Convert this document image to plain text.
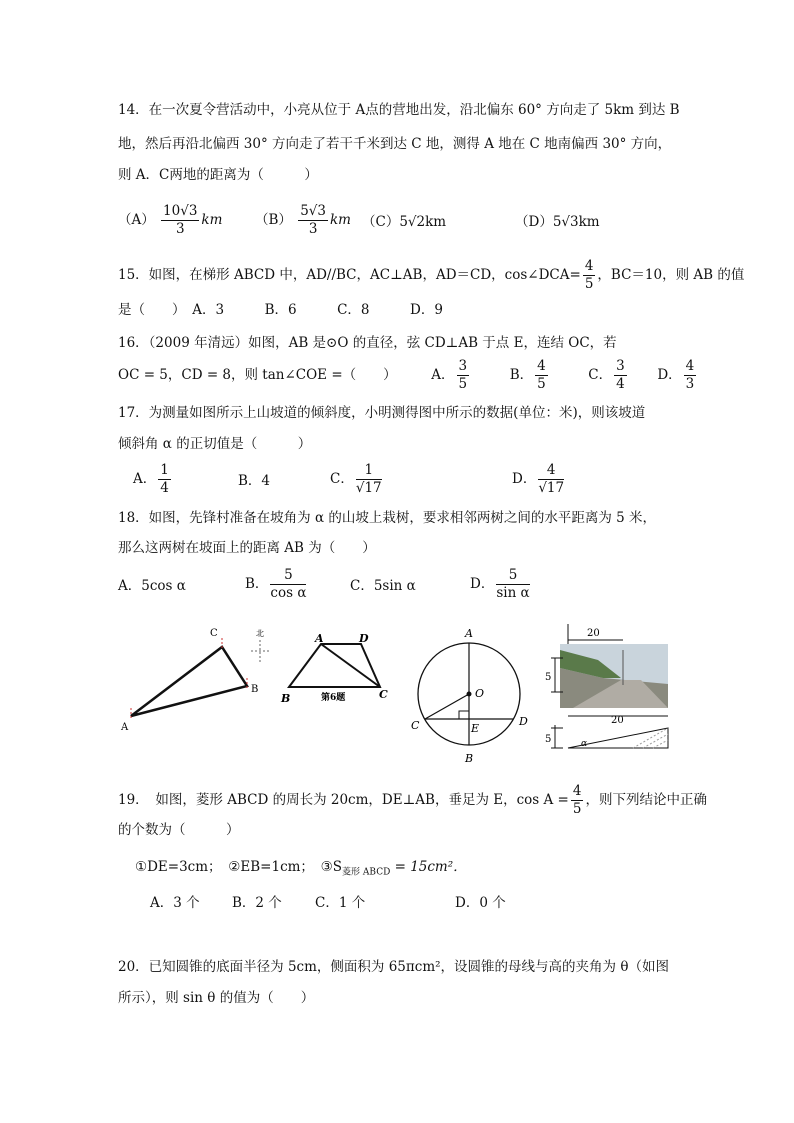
14．在一次夏令营活动中，小亮从位于 A点的营地出发，沿北偏东 60° 方向走了 5km 到达 B
地，然后再沿北偏西 30° 方向走了若干千米到达 C 地，测得 A 地在 C 地南偏西 30° 方向，
则 A．C两地的距离为（　　　）
$(A) \frac{10√3}{3}$ km $(B) \frac{5√3}{3}$ km （C）5√2km	（D）5√3km
15．如图，在梯形 ABCD 中，AD//BC，AC⊥AB，AD＝CD，cos∠DCA= $\frac{4}{5}$ ，BC＝10，则 AB 的值
是（　　）　A．3　　　B．6　　　C．8　　　D．9
16．（2009 年清远）如图，AB 是⊙O 的直径，弦 CD⊥AB 于点 E，连结 OC，若
OC = 5，CD = 8，则 tan∠COE =（　　）	A． $\frac{3}{5}$	B． $\frac{4}{5}$	C． $\frac{3}{4}$ D． $\frac{4}{3}$
17．为测量如图所示上山坡道的倾斜度，小明测得图中所示的数据(单位：米)，则该坡道
倾斜角 α 的正切值是（　　　）
A． $\frac{1}{4}$	B．4	C． $\frac{1}{√17}$	D． $\frac{4}{√17}$
18．如图，先锋村准备在坡角为 α 的山坡上栽树，要求相邻两树之间的水平距离为 5 米，
那么这两树在坡面上的距离 AB 为（　　）
A．5cos α	B． $\frac{5}{\text{cos α}}$	C．5sin α	D． $\frac{5}{\text{sin α}}$
A
C
B
北	A	D
B	C
第6题
A
O
C	D
E
B
20
5
20
5	α
19．　如图，菱形 ABCD 的周长为 20cm，DE⊥AB，垂足为 E，$\cos A = \frac{4}{5}$ ，则下列结论中正确
的个数为（　　　）
①DE=3cm；　②EB=1cm；　$③S_{菱形 ABCD} = 15cm^2$．
A．3 个 B．2 个 C．1 个	D．0 个
20．已知圆锥的底面半径为 5cm，侧面积为 65πcm²，设圆锥的母线与高的夹角为 θ（如图
所示），则 sin θ 的值为（　　）
